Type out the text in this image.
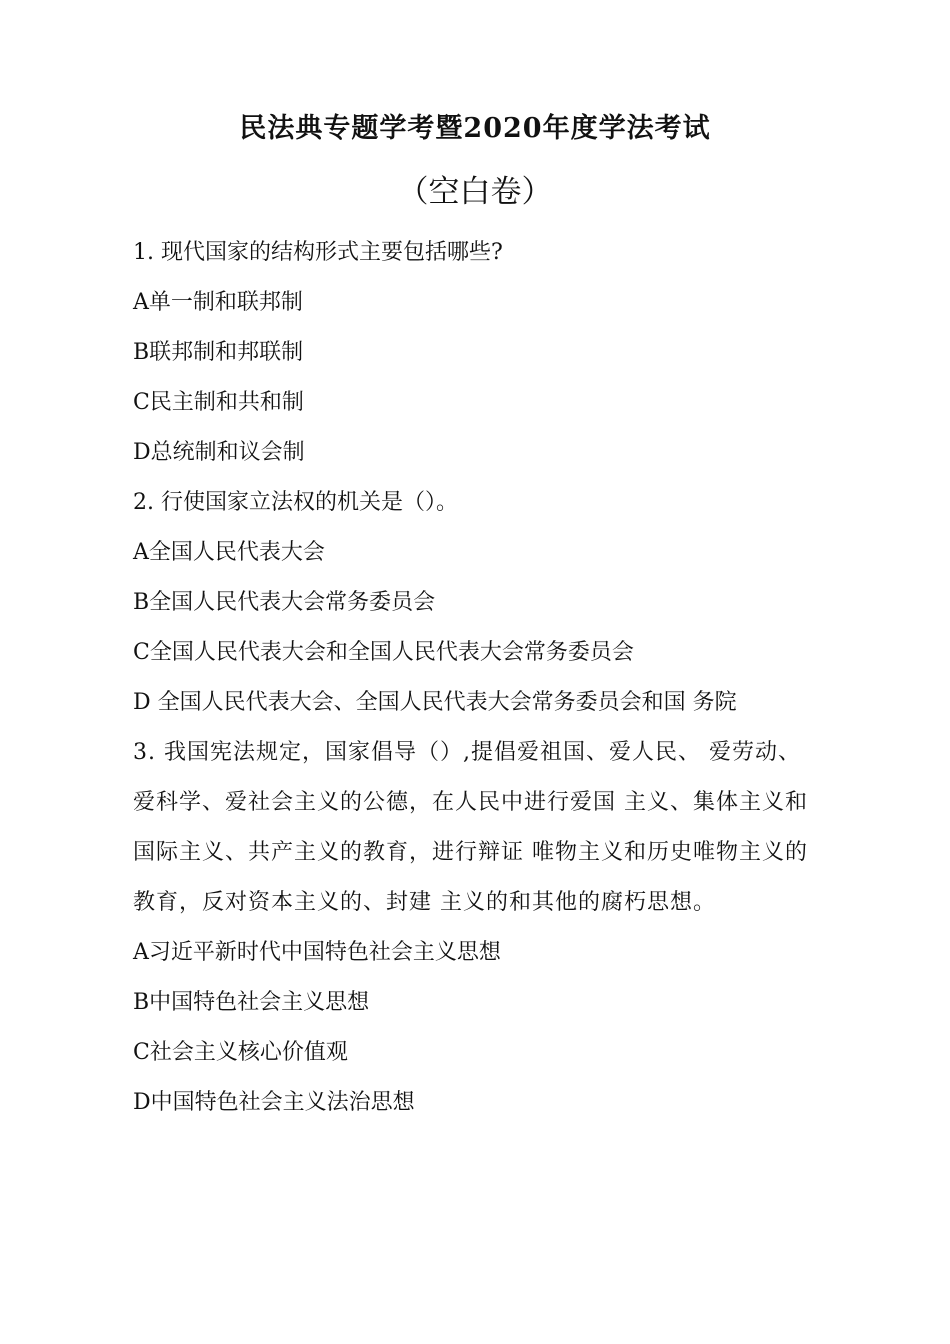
民法典专题学考暨2020年度学法考试
（空白卷）

1. 现代国家的结构形式主要包括哪些?

A单一制和联邦制

B联邦制和邦联制

C民主制和共和制

D总统制和议会制

2. 行使国家立法权的机关是（）。

A全国人民代表大会

B全国人民代表大会常务委员会

C全国人民代表大会和全国人民代表大会常务委员会

D 全国人民代表大会、全国人民代表大会常务委员会和国 务院

3. 我国宪法规定，国家倡导（）,提倡爱祖国、爱人民、 爱劳动、爱科学、爱社会主义的公德，在人民中进行爱国 主义、集体主义和国际主义、共产主义的教育，进行辩证 唯物主义和历史唯物主义的教育，反对资本主义的、封建 主义的和其他的腐朽思想。

A习近平新时代中国特色社会主义思想

B中国特色社会主义思想

C社会主义核心价值观

D中国特色社会主义法治思想
